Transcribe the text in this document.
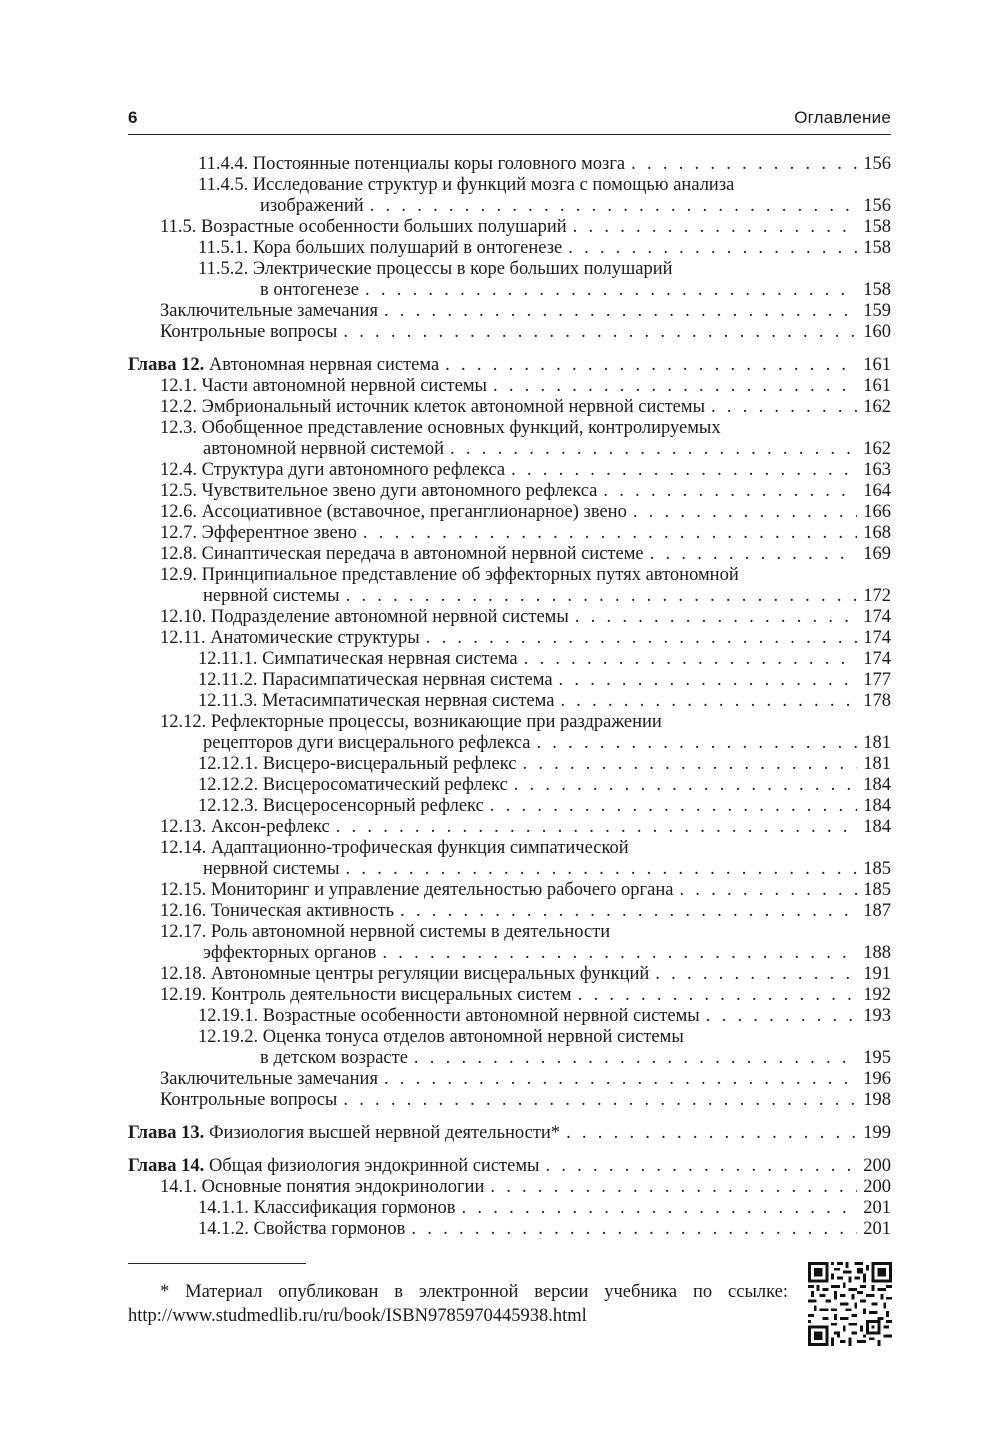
6	Оглавление
11.4.4. Постоянные потенциалы коры головного мозга . . .	156
11.4.5. Исследование структур и функций мозга с помощью анализа
изображений . . .	156
11.5. Возрастные особенности больших полушарий . . .	158
11.5.1. Кора больших полушарий в онтогенезе . . .	158
11.5.2. Электрические процессы в коре больших полушарий
в онтогенезе . . .	158
Заключительные замечания . . .	159
Контрольные вопросы . . .	160
Глава 12. Автономная нервная система . . .	161
12.1. Части автономной нервной системы . . .	161
12.2. Эмбриональный источник клеток автономной нервной системы . . .	162
12.3. Обобщенное представление основных функций, контролируемых
автономной нервной системой . . .	162
12.4. Структура дуги автономного рефлекса . . .	163
12.5. Чувствительное звено дуги автономного рефлекса . . .	164
12.6. Ассоциативное (вставочное, преганглионарное) звено . . .	166
12.7. Эфферентное звено . . .	168
12.8. Синаптическая передача в автономной нервной системе . . .	169
12.9. Принципиальное представление об эффекторных путях автономной
нервной системы . . .	172
12.10. Подразделение автономной нервной системы . . .	174
12.11. Анатомические структуры . . .	174
12.11.1. Симпатическая нервная система . . .	174
12.11.2. Парасимпатическая нервная система . . .	177
12.11.3. Метасимпатическая нервная система . . .	178
12.12. Рефлекторные процессы, возникающие при раздражении
рецепторов дуги висцерального рефлекса . . .	181
12.12.1. Висцеро-висцеральный рефлекс . . .	181
12.12.2. Висцеросоматический рефлекс . . .	184
12.12.3. Висцеросенсорный рефлекс . . .	184
12.13. Аксон-рефлекс . . .	184
12.14. Адаптационно-трофическая функция симпатической
нервной системы . . .	185
12.15. Мониторинг и управление деятельностью рабочего органа . . .	185
12.16. Тоническая активность . . .	187
12.17. Роль автономной нервной системы в деятельности
эффекторных органов . . .	188
12.18. Автономные центры регуляции висцеральных функций . . .	191
12.19. Контроль деятельности висцеральных систем . . .	192
12.19.1. Возрастные особенности автономной нервной системы . . .	193
12.19.2. Оценка тонуса отделов автономной нервной системы
в детском возрасте . . .	195
Заключительные замечания . . .	196
Контрольные вопросы . . .	198
Глава 13. Физиология высшей нервной деятельности* . . .	199
Глава 14. Общая физиология эндокринной системы . . .	200
14.1. Основные понятия эндокринологии . . .	200
14.1.1. Классификация гормонов . . .	201
14.1.2. Свойства гормонов . . .	201
* Материал опубликован в электронной версии учебника по ссылке:
http://www.studmedlib.ru/ru/book/ISBN9785970445938.html
